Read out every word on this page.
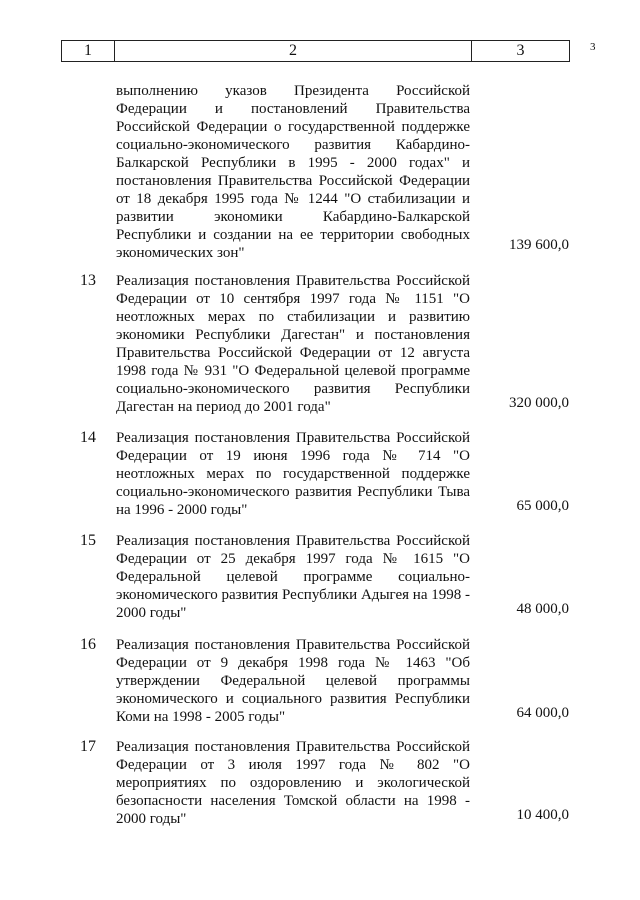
3
1	2	3
выполнению указов Президента Российской Федерации и постановлений Правительства Российской Федерации о государственной поддержке социально-экономического развития Кабардино-Балкарской Республики в 1995 - 2000 годах" и постановления Правительства Российской Федерации от 18 декабря 1995 года № 1244 "О стабилизации и развитии экономики Кабардино-Балкарской Республики и создании на ее территории свободных экономических зон"	139 600,0
13 Реализация постановления Правительства Российской Федерации от 10 сентября 1997 года № 1151 "О неотложных мерах по стабилизации и развитию экономики Республики Дагестан" и постановления Правительства Российской Федерации от 12 августа 1998 года № 931 "О Федеральной целевой программе социально-экономического развития Республики Дагестан на период до 2001 года"	320 000,0
14 Реализация постановления Правительства Российской Федерации от 19 июня 1996 года № 714 "О неотложных мерах по государственной поддержке социально-экономического развития Республики Тыва на 1996 - 2000 годы"	65 000,0
15 Реализация постановления Правительства Российской Федерации от 25 декабря 1997 года № 1615 "О Федеральной целевой программе социально-экономического развития Республики Адыгея на 1998 - 2000 годы"	48 000,0
16 Реализация постановления Правительства Российской Федерации от 9 декабря 1998 года № 1463 "Об утверждении Федеральной целевой программы экономического и социального развития Республики Коми на 1998 - 2005 годы"	64 000,0
17 Реализация постановления Правительства Российской Федерации от 3 июля 1997 года № 802 "О мероприятиях по оздоровлению и экологической безопасности населения Томской области на 1998 - 2000 годы"	10 400,0
